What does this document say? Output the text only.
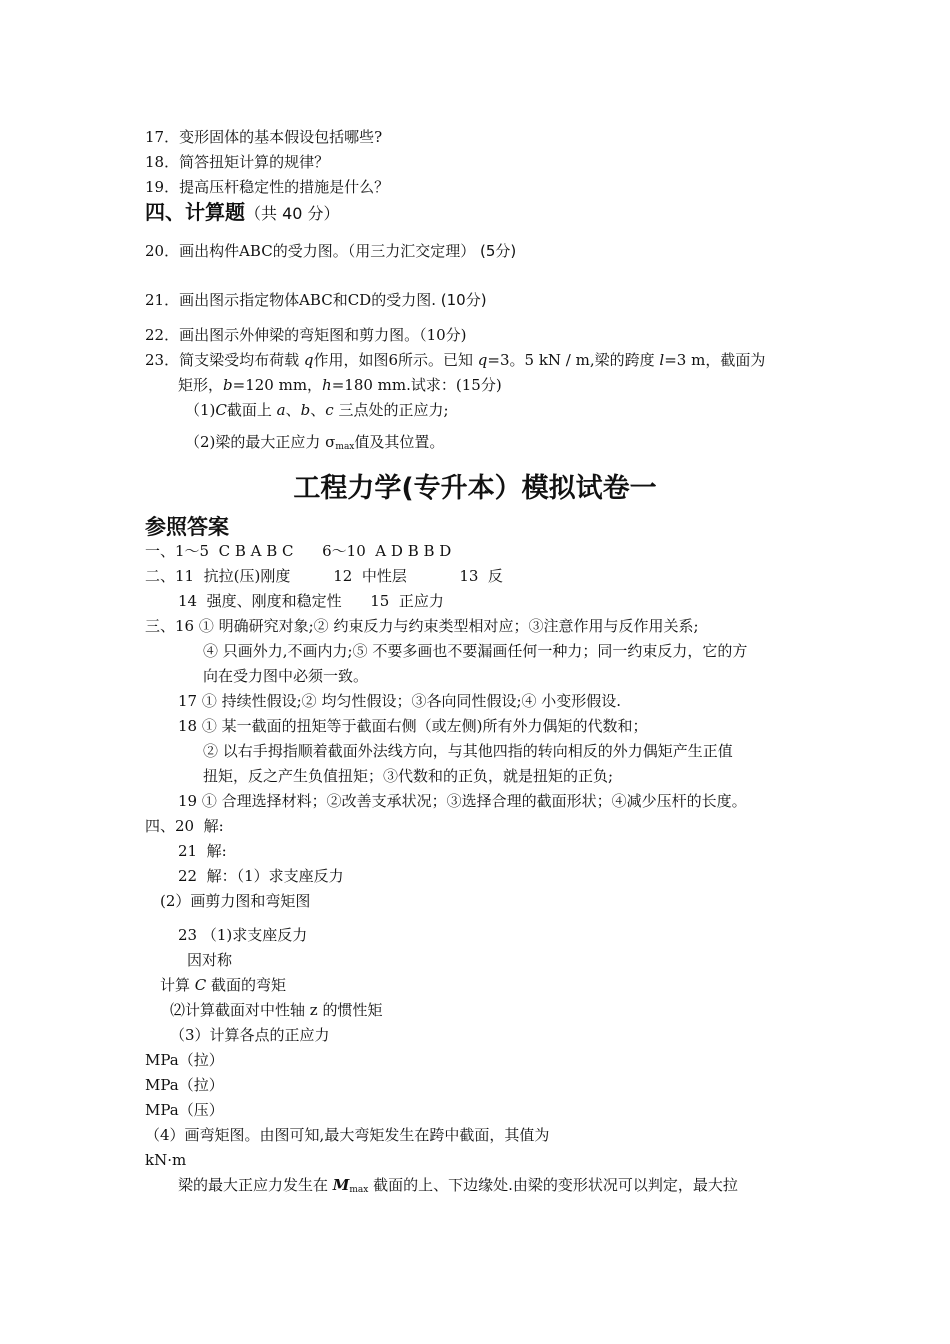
17．变形固体的基本假设包括哪些?
18．简答扭矩计算的规律？
19．提高压杆稳定性的措施是什么？
四、计算题（共 40 分）
20．画出构件ABC的受力图。（用三力汇交定理） (5分)
21．画出图示指定物体ABC和CD的受力图. (10分)
22．画出图示外伸梁的弯矩图和剪力图。（10分)
23．简支梁受均布荷载 q作用，如图6所示。已知 q=3。5 kN / m,梁的跨度 l=3 m，截面为
矩形，b=120 mm，h=180 mm.试求：(15分)
（1)C截面上 a、b、c 三点处的正应力;
（2)梁的最大正应力 $\sigma_{max}$值及其位置。
工程力学(专升本）模拟试卷一
参照答案
一、1～5  C B A B C      6～10  A D B B D
二、11  抗拉(压)刚度         12  中性层           13  反
14  强度、刚度和稳定性      15  正应力
三、16 ① 明确研究对象;② 约束反力与约束类型相对应；③注意作用与反作用关系;
④ 只画外力,不画内力;⑤ 不要多画也不要漏画任何一种力；同一约束反力，它的方
向在受力图中必须一致。
17 ① 持续性假设;② 均匀性假设；③各向同性假设;④ 小变形假设.
18 ① 某一截面的扭矩等于截面右侧（或左侧)所有外力偶矩的代数和；
② 以右手拇指顺着截面外法线方向，与其他四指的转向相反的外力偶矩产生正值
扭矩，反之产生负值扭矩；③代数和的正负，就是扭矩的正负;
19 ① 合理选择材料；②改善支承状况；③选择合理的截面形状；④减少压杆的长度。
四、20  解:
21  解:
22  解：（1）求支座反力
(2）画剪力图和弯矩图
23 （1)求支座反力
因对称
计算 C 截面的弯矩
⑵计算截面对中性轴 z 的惯性矩
（3）计算各点的正应力
MPa（拉）
MPa（拉）
MPa（压）
（4）画弯矩图。由图可知,最大弯矩发生在跨中截面，其值为
kN·m
梁的最大正应力发生在 $M_{max}$ 截面的上、下边缘处.由梁的变形状况可以判定，最大拉
